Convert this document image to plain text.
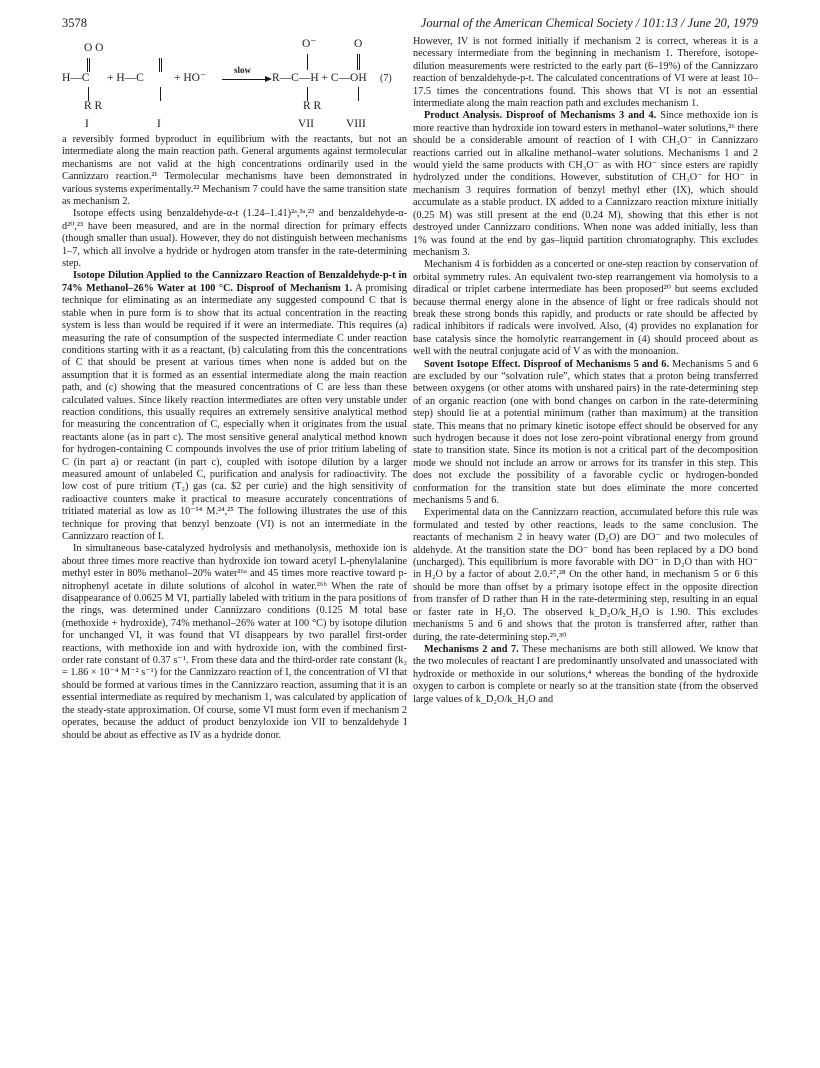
3578	Journal of the American Chemical Society / 101:13 / June 20, 1979
O O	O⁻	O
H—C + H—C	+ HO⁻
slow
R—C—H + C—OH (7)
R R	R R
I	I	VII	VIII

a reversibly formed byproduct in equilibrium with the reactants, but not an intermediate along the main reaction path. General arguments against termolecular mechanisms are not valid at the high concentrations ordinarily used in the Cannizzaro reaction.²¹ Termolecular mechanisms have been demonstrated in various systems experimentally.²² Mechanism 7 could have the same transition state as mechanism 2.

Isotope effects using benzaldehyde-α-t (1.24–1.41)²ᵃ,³ᵃ,²³ and benzaldehyde-α-d²⁰,²³ have been measured, and are in the normal direction for primary effects (though smaller than usual). However, they do not distinguish between mechanisms 1–7, which all involve a hydride or hydrogen atom transfer in the rate-determining step.

Isotope Dilution Applied to the Cannizzaro Reaction of Benzaldehyde-p-t in 74% Methanol–26% Water at 100 °C. Disproof of Mechanism 1. A promising technique for eliminating as an intermediate any suggested compound C that is stable when in pure form is to show that its actual concentration in the reacting system is less than would be required if it were an intermediate. This requires (a) measuring the rate of consumption of the suspected intermediate C under reaction conditions starting with it as a reactant, (b) calculating from this the concentrations of C that should be present at various times when none is added but on the assumption that it is formed as an essential intermediate along the main reaction path, and (c) showing that the measured concentrations of C are less than these calculated values. Since likely reaction intermediates are often very unstable under reaction conditions, this usually requires an extremely sensitive analytical method for measuring the concentration of C, especially when it originates from the usual reactants alone (as in part c). The most sensitive general analytical method known for hydrogen-containing C compounds involves the use of prior tritium labeling of C (in part a) or reactant (in part c), coupled with isotope dilution by a larger measured amount of unlabeled C, purification and analysis for radioactivity. The low cost of pure tritium (T₂) gas (ca. $2 per curie) and the high sensitivity of radioactive counters make it practical to measure accurately concentrations of tritiated material as low as 10⁻¹⁴ M.²⁴,²⁵ The following illustrates the use of this technique for proving that benzyl benzoate (VI) is not an intermediate in the Cannizzaro reaction of I.

In simultaneous base-catalyzed hydrolysis and methanolysis, methoxide ion is about three times more reactive than hydroxide ion toward acetyl L-phenylalanine methyl ester in 80% methanol–20% water²⁶ᵃ and 45 times more reactive toward p-nitrophenyl acetate in dilute solutions of alcohol in water.²⁶ᵇ When the rate of disappearance of 0.0625 M VI, partially labeled with tritium in the para positions of the rings, was determined under Cannizzaro conditions (0.125 M total base (methoxide + hydroxide), 74% methanol–26% water at 100 °C) by isotope dilution for unchanged VI, it was found that VI disappears by two parallel first-order reactions, with methoxide ion and with hydroxide ion, with the combined first-order rate constant of 0.37 s⁻¹. From these data and the third-order rate constant (k₃ = 1.86 × 10⁻⁴ M⁻² s⁻¹) for the Cannizzaro reaction of I, the concentration of VI that should be formed at various times in the Cannizzaro reaction, assuming that it is an essential intermediate as required by mechanism 1, was calculated by application of the steady-state approximation. Of course, some VI must form even if mechanism 2 operates, because the adduct of product benzyloxide ion VII to benzaldehyde I should be about as effective as IV as a hydride donor.

However, IV is not formed initially if mechanism 2 is correct, whereas it is a necessary intermediate from the beginning in mechanism 1. Therefore, isotope-dilution measurements were restricted to the early part (6–19%) of the Cannizzaro reaction of benzaldehyde-p-t. The calculated concentrations of VI were at least 10–17.5 times the concentrations found. This shows that VI is not an essential intermediate along the main reaction path and excludes mechanism 1.

Product Analysis. Disproof of Mechanisms 3 and 4. Since methoxide ion is more reactive than hydroxide ion toward esters in methanol–water solutions,²⁶ there should be a considerable amount of reaction of I with CH₃O⁻ in Cannizzaro reactions carried out in alkaline methanol–water solutions. Mechanisms 1 and 2 would yield the same products with CH₃O⁻ as with HO⁻ since esters are rapidly hydrolyzed under the conditions. However, substitution of CH₃O⁻ for HO⁻ in mechanism 3 requires formation of benzyl methyl ether (IX), which should accumulate as a stable product. IX added to a Cannizzaro reaction mixture initially (0.25 M) was still present at the end (0.24 M), showing that this ether is not destroyed under Cannizzaro conditions. When none was added initially, less than 1% was found at the end by gas–liquid partition chromatography. This excludes mechanism 3.

Mechanism 4 is forbidden as a concerted or one-step reaction by conservation of orbital symmetry rules. An equivalent two-step rearrangement via homolysis to a diradical or triplet carbene intermediate has been proposed²⁰ but seems excluded because thermal energy alone in the absence of light or free radicals should not break these strong bonds this rapidly, and products or rate should be affected by radical inhibitors if radicals were involved. Also, (4) provides no explanation for base catalysis since the homolytic rearrangement in (4) should proceed about as well with the neutral conjugate acid of V as with the monoanion.

Sovent Isotope Effect. Disproof of Mechanisms 5 and 6. Mechanisms 5 and 6 are excluded by our “solvation rule”, which states that a proton being transferred between oxygens (or other atoms with unshared pairs) in the rate-determining step of an organic reaction (one with bond changes on carbon in the rate-determining step) should lie at a potential minimum (rather than maximum) at the transition state. This means that no primary kinetic isotope effect should be observed for any such hydrogen because it does not lose zero-point vibrational energy from ground state to transition state. Since its motion is not a critical part of the decomposition mode we should not include an arrow or arrows for its transfer in this step. This does not exclude the possibility of a favorable cyclic or hydrogen-bonded conformation for the transition state but does eliminate the more concerted mechanisms 5 and 6.

Experimental data on the Cannizzaro reaction, accumulated before this rule was formulated and tested by other reactions, leads to the same conclusion. The reactants of mechanism 2 in heavy water (D₂O) are DO⁻ and two molecules of aldehyde. At the transition state the DO⁻ bond has been replaced by a DO bond (uncharged). This equilibrium is more favorable with DO⁻ in D₂O than with HO⁻ in H₂O by a factor of about 2.0.²⁷,²⁸ On the other hand, in mechanism 5 or 6 this should be more than offset by a primary isotope effect in the opposite direction from transfer of D rather than H in the rate-determining step, resulting in an equal or faster rate in H₂O. The observed k_D₂O/k_H₂O is 1.90. This excludes mechanisms 5 and 6 and shows that the proton is transferred after, rather than during, the rate-determining step.²⁹,³⁰

Mechanisms 2 and 7. These mechanisms are both still allowed. We know that the two molecules of reactant I are predominantly unsolvated and unassociated with hydroxide or methoxide in our solutions,⁴ whereas the bonding of the hydroxide oxygen to carbon is complete or nearly so at the transition state (from the observed large values of k_D₂O/k_H₂O and
